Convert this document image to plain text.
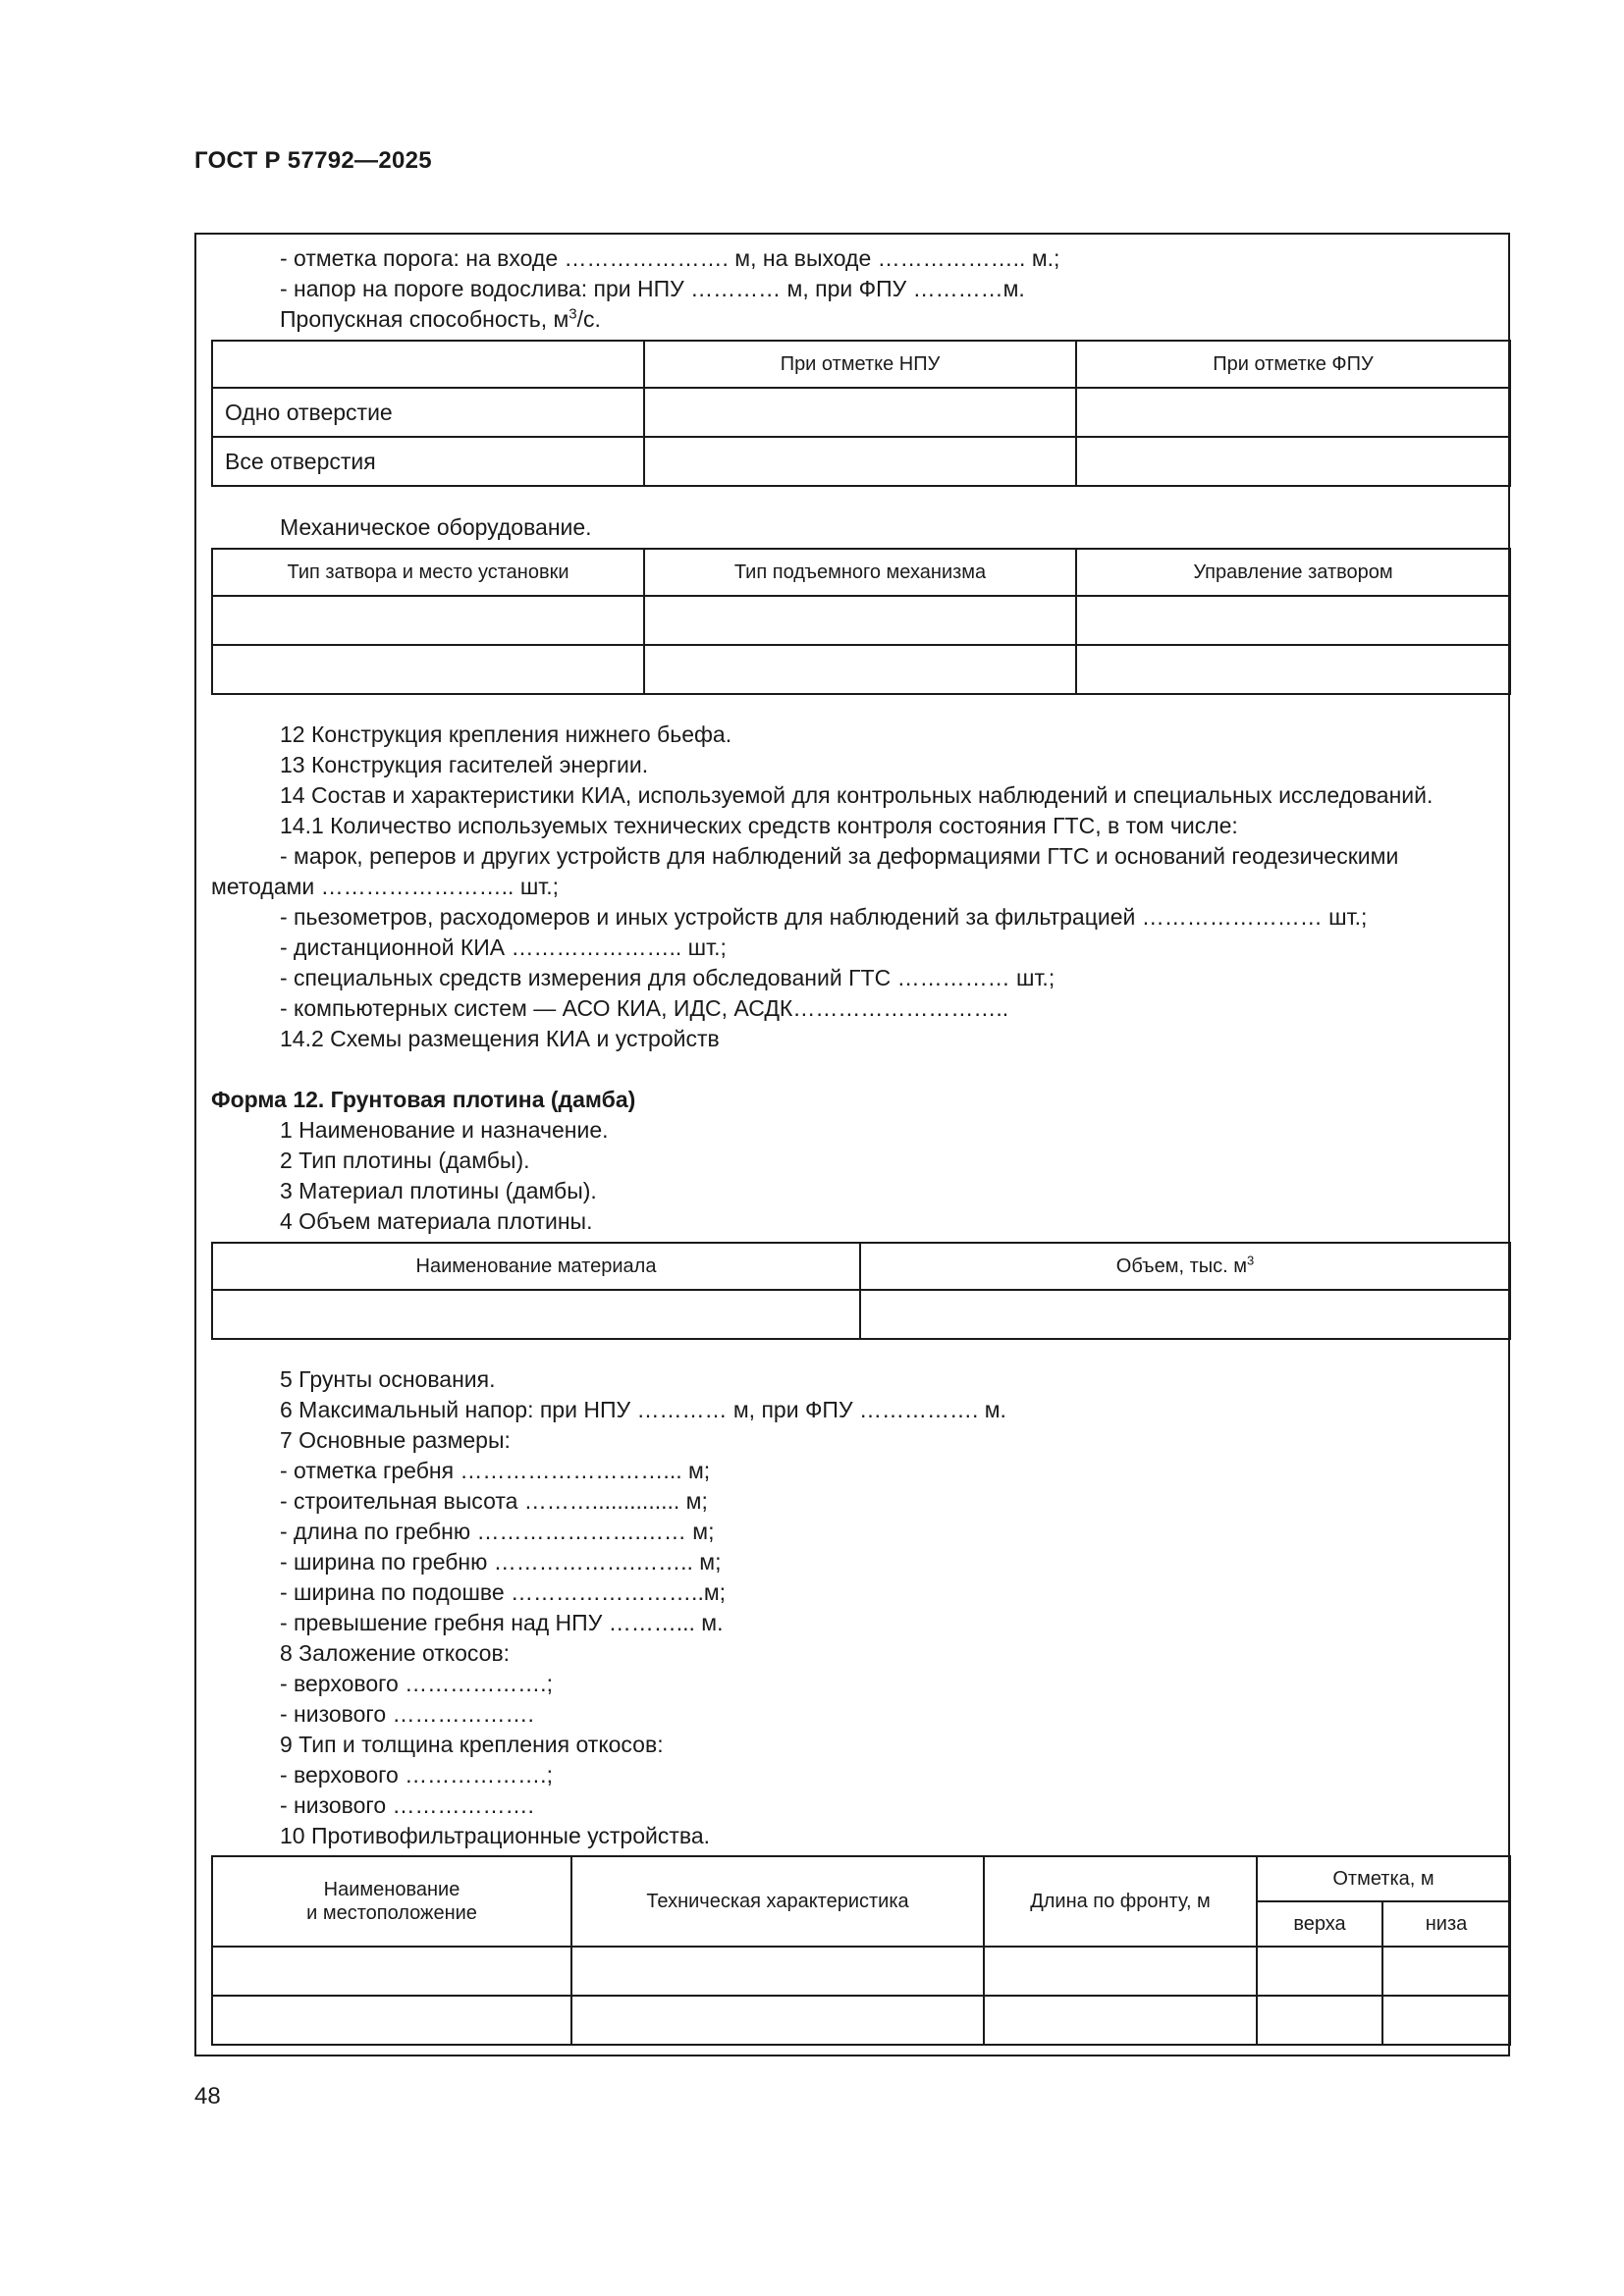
ГОСТ Р 57792—2025
- отметка порога: на входе …………………. м, на выходе ……………….. м.;
- напор на пороге водослива: при НПУ ………… м, при ФПУ …………м.
Пропускная способность, $м^3/с$.
	При отметке НПУ	При отметке ФПУ
Одно отверстие		
Все отверстия		
Механическое оборудование.
Тип затвора и место установки	Тип подъемного механизма	Управление затвором

12 Конструкция крепления нижнего бьефа.
13 Конструкция гасителей энергии.
14 Состав и характеристики КИА, используемой для контрольных наблюдений и специальных исследований.
14.1 Количество используемых технических средств контроля состояния ГТС, в том числе:
- марок, реперов и других устройств для наблюдений за деформациями ГТС и оснований геодезическими
методами …………………….. шт.;
- пьезометров, расходомеров и иных устройств для наблюдений за фильтрацией …………………… шт.;
- дистанционной КИА ………………….. шт.;
- специальных средств измерения для обследований ГТС …………… шт.;
- компьютерных систем — АСО КИА, ИДС, АСДК………………………..
14.2 Схемы размещения КИА и устройств
Форма 12. Грунтовая плотина (дамба)
1 Наименование и назначение.
2 Тип плотины (дамбы).
3 Материал плотины (дамбы).
4 Объем материала плотины.
Наименование материала	Объем, тыс. $м^3$

5 Грунты основания.
6 Максимальный напор: при НПУ ………… м, при ФПУ ……………. м.
7 Основные размеры:
- отметка гребня ………………………... м;
- строительная высота ……….............. м;
- длина по гребню ………………….…… м;
- ширина по гребню ……………….…….. м;
- ширина по подошве ……………………..м;
- превышение гребня над НПУ ………... м.
8 Заложение откосов:
- верхового ……………….;
- низового ……………….
9 Тип и толщина крепления откосов:
- верхового ……………….;
- низового ……………….
10 Противофильтрационные устройства.
Наименование
и местоположение	Техническая характеристика	Длина по фронту, м	Отметка, м	
			верха	низа

48
